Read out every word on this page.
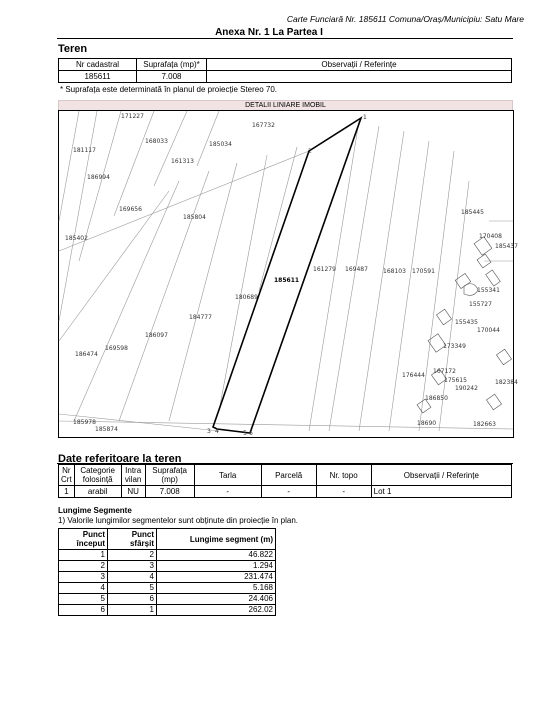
Carte Funciară Nr. 185611 Comuna/Oraș/Municipiu: Satu Mare
Anexa Nr. 1 La Partea I
Teren
Nr cadastral	Suprafața (mp)*	Observații / Referințe
185611	7.008	
* Suprafața este determinată în planul de proiecție Stereo 70.
DETALII LINIARE IMOBIL
1
2
3 4	5 6
185611
171227
167732
181117
168033
161313
185034
186994
169656
185804
185402
185445
170408
185437
161279 169487	168103 170591
155341
155727
180689
184777
155435
170044
186097
169598
186474
173349
167172
176444
175615
190242
186850
182384
185978
185874
182663
18690
Date referitoare la teren
Nr Crt	Categorie folosință	Intra vilan	Suprafața (mp)	Tarla	Parcelă	Nr. topo	Observații / Referințe
1	arabil	NU	7.008	-	-	-	Lot 1
Lungime Segmente
1) Valorile lungimilor segmentelor sunt obținute din proiecție în plan.
Punct început	Punct sfârșit	Lungime segment (m)
1	2	46.822
2	3	1.294
3	4	231.474
4	5	5.168
5	6	24.406
6	1	262.02
